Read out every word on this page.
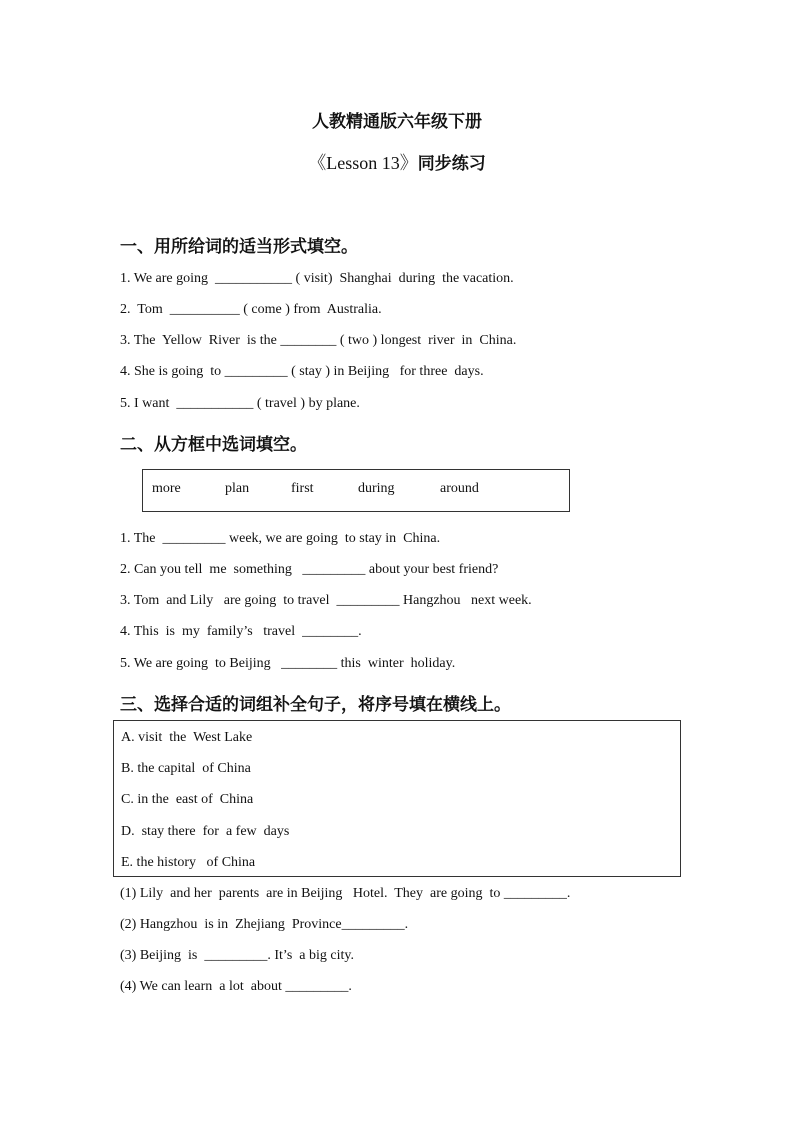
人教精通版六年级下册
《Lesson 13》同步练习
一、用所给词的适当形式填空。
1. We are going  ___________ ( visit)  Shanghai  during  the vacation.
2.  Tom  __________ ( come ) from  Australia.
3. The  Yellow  River  is the ________ ( two ) longest  river  in  China.
4. She is going  to _________ ( stay ) in Beijing   for three  days.
5. I want  ___________ ( travel ) by plane.
二、从方框中选词填空。
more	plan	first	during	around
1. The  _________ week, we are going  to stay in  China.
2. Can you tell  me  something   _________ about your best friend?
3. Tom  and Lily   are going  to travel  _________ Hangzhou   next week.
4. This  is  my  family’s   travel  ________.
5. We are going  to Beijing   ________ this  winter  holiday.
三、选择合适的词组补全句子，将序号填在横线上。
A. visit  the  West Lake
B. the capital  of China
C. in the  east of  China
D.  stay there  for  a few  days
E. the history   of China
(1) Lily  and her  parents  are in Beijing   Hotel.  They  are going  to _________.
(2) Hangzhou  is in  Zhejiang  Province_________.
(3) Beijing  is  _________. It’s  a big city.
(4) We can learn  a lot  about _________.
